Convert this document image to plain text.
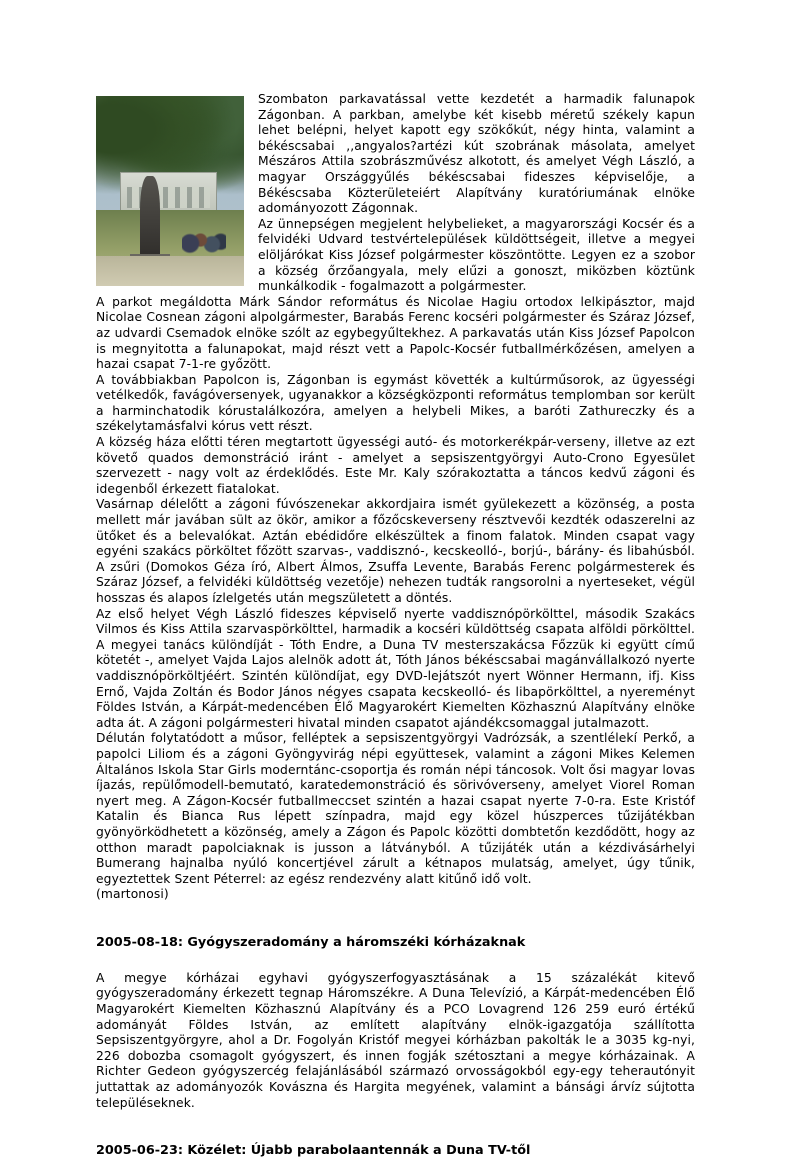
Szombaton parkavatással vette kezdetét a harmadik falunapok Zágonban. A parkban, amelybe két kisebb méretű székely kapun lehet belépni, helyet kapott egy szökőkút, négy hinta, valamint a békéscsabai ,,angyalos?artézi kút szobrának másolata, amelyet Mészáros Attila szobrászművész alkotott, és amelyet Végh László, a magyar Országgyűlés békéscsabai fideszes képviselője, a Békéscsaba Közterületeiért Alapítvány kuratóriumának elnöke adományozott Zágonnak.

Az ünnepségen megjelent helybelieket, a magyarországi Kocsér és a felvidéki Udvard testvértelepülések küldöttségeit, illetve a megyei elöljárókat Kiss József polgármester köszöntötte. Legyen ez a szobor a község őrzőangyala, mely elűzi a gonoszt, miközben köztünk munkálkodik - fogalmazott a polgármester.

A parkot megáldotta Márk Sándor református és Nicolae Hagiu ortodox lelkipásztor, majd Nicolae Cosnean zágoni alpolgármester, Barabás Ferenc kocséri polgármester és Száraz József, az udvardi Csemadok elnöke szólt az egybegyűltekhez. A parkavatás után Kiss József Papolcon is megnyitotta a falunapokat, majd részt vett a Papolc-Kocsér futballmérkőzésen, amelyen a hazai csapat 7-1-re győzött.

A továbbiakban Papolcon is, Zágonban is egymást követték a kultúrműsorok, az ügyességi vetélkedők, favágóversenyek, ugyanakkor a községközponti református templomban sor került a harminchatodik kórustalálkozóra, amelyen a helybeli Mikes, a baróti Zathureczky és a székelytamásfalvi kórus vett részt.

A község háza előtti téren megtartott ügyességi autó- és motorkerékpár-verseny, illetve az ezt követő quados demonstráció iránt - amelyet a sepsiszentgyörgyi Auto-Crono Egyesület szervezett - nagy volt az érdeklődés. Este Mr. Kaly szórakoztatta a táncos kedvű zágoni és idegenből érkezett fiatalokat.

Vasárnap délelőtt a zágoni fúvószenekar akkordjaira ismét gyülekezett a közönség, a posta mellett már javában sült az ökör, amikor a főzőcskeverseny résztvevői kezdték odaszerelni az ütőket és a belevalókat. Aztán ebédidőre elkészültek a finom falatok. Minden csapat vagy egyéni szakács pörköltet főzött szarvas-, vaddisznó-, kecskeolló-, borjú-, bárány- és libahúsból. A zsűri (Domokos Géza író, Albert Álmos, Zsuffa Levente, Barabás Ferenc polgármesterek és Száraz József, a felvidéki küldöttség vezetője) nehezen tudták rangsorolni a nyerteseket, végül hosszas és alapos ízlelgetés után megszületett a döntés.

Az első helyet Végh László fideszes képviselő nyerte vaddisznópörkölttel, második Szakács Vilmos és Kiss Attila szarvaspörkölttel, harmadik a kocséri küldöttség csapata alföldi pörkölttel. A megyei tanács különdíját - Tóth Endre, a Duna TV mesterszakácsa Főzzük ki együtt című kötetét -, amelyet Vajda Lajos alelnök adott át, Tóth János békéscsabai magánvállalkozó nyerte vaddisznópörköltjéért. Szintén különdíjat, egy DVD-lejátszót nyert Wönner Hermann, ifj. Kiss Ernő, Vajda Zoltán és Bodor János négyes csapata kecskeolló- és libapörkölttel, a nyereményt Földes István, a Kárpát-medencében Élő Magyarokért Kiemelten Közhasznú Alapítvány elnöke adta át. A zágoni polgármesteri hivatal minden csapatot ajándékcsomaggal jutalmazott.

Délután folytatódott a műsor, felléptek a sepsiszentgyörgyi Vadrózsák, a szentlélekí Perkő, a papolci Liliom és a zágoni Gyöngyvirág népi együttesek, valamint a zágoni Mikes Kelemen Általános Iskola Star Girls moderntánc-csoportja és román népi táncosok. Volt ősi magyar lovas íjazás, repülőmodell-bemutató, karatedemonstráció és sörivóverseny, amelyet Viorel Roman nyert meg. A Zágon-Kocsér futballmeccset szintén a hazai csapat nyerte 7-0-ra. Este Kristóf Katalin és Bianca Rus lépett színpadra, majd egy közel húszperces tűzijátékban gyönyörködhetett a közönség, amely a Zágon és Papolc közötti dombtetőn kezdődött, hogy az otthon maradt papolciaknak is jusson a látványból. A tűzijáték után a kézdivásárhelyi Bumerang hajnalba nyúló koncertjével zárult a kétnapos mulatság, amelyet, úgy tűnik, egyeztettek Szent Péterrel: az egész rendezvény alatt kitűnő idő volt.

(martonosi)

2005-08-18: Gyógyszeradomány a háromszéki kórházaknak

A megye kórházai egyhavi gyógyszerfogyasztásának a 15 százalékát kitevő gyógyszeradomány érkezett tegnap Háromszékre. A Duna Televízió, a Kárpát-medencében Élő Magyarokért Kiemelten Közhasznú Alapítvány és a PCO Lovagrend 126 259 euró értékű adományát Földes István, az említett alapítvány elnök-igazgatója szállította Sepsiszentgyörgyre, ahol a Dr. Fogolyán Kristóf megyei kórházban pakolták le a 3035 kg-nyi, 226 dobozba csomagolt gyógyszert, és innen fogják szétosztani a megye kórházainak. A Richter Gedeon gyógyszercég felajánlásából származó orvosságokból egy-egy teherautónyit juttattak az adományozók Kovászna és Hargita megyének, valamint a bánsági árvíz sújtotta településeknek.

2005-06-23: Közélet: Újabb parabolaantennák a Duna TV-től
